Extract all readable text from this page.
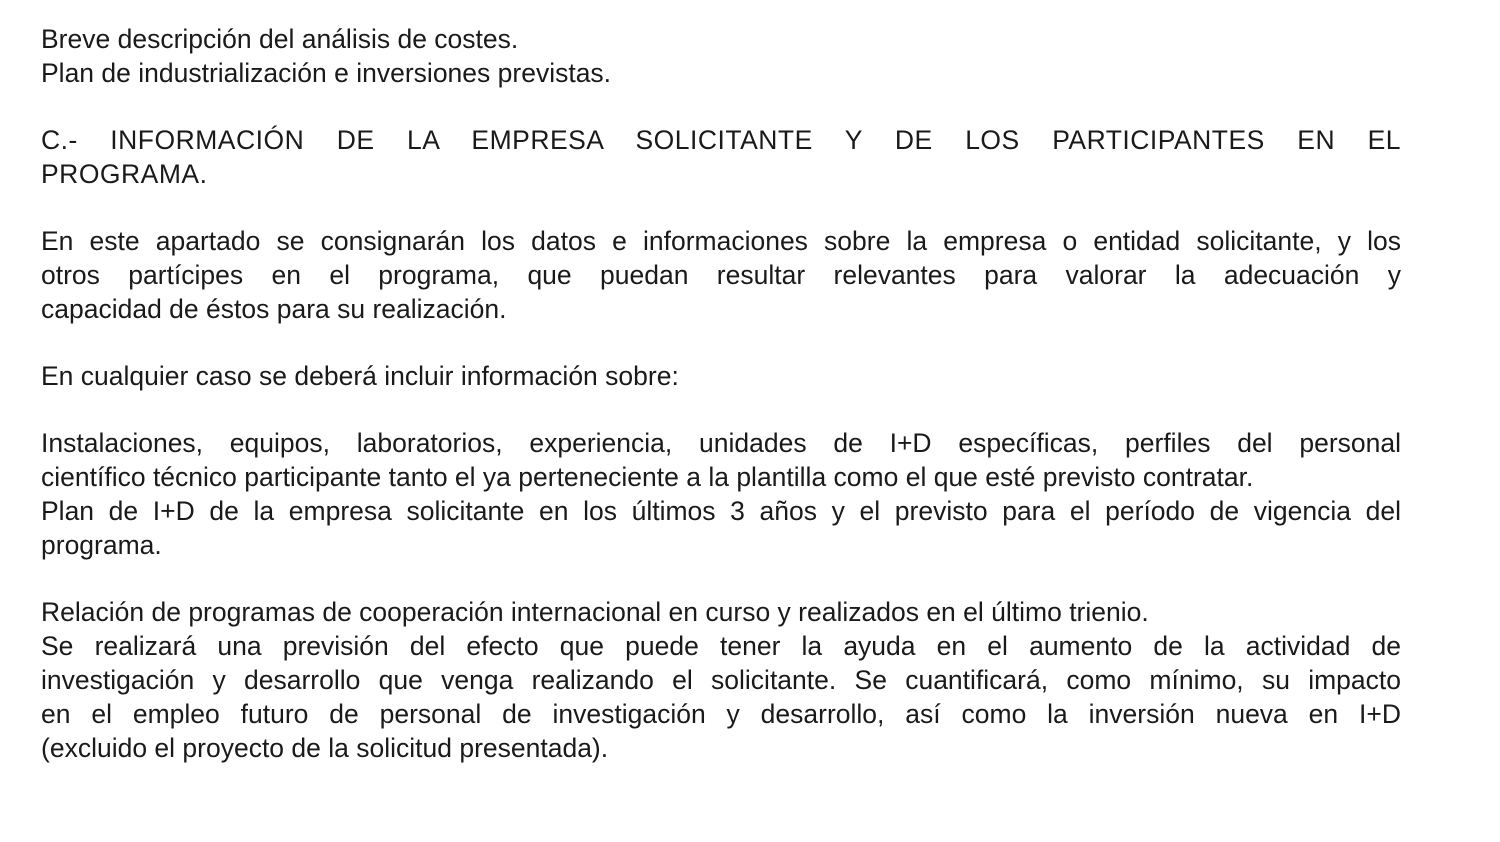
Breve descripción del análisis de costes.

Plan de industrialización e inversiones previstas.

C.- INFORMACIÓN DE LA EMPRESA SOLICITANTE Y DE LOS PARTICIPANTES EN EL

PROGRAMA.

En este apartado se consignarán los datos e informaciones sobre la empresa o entidad solicitante, y los

otros partícipes en el programa, que puedan resultar relevantes para valorar la adecuación y

capacidad de éstos para su realización.

En cualquier caso se deberá incluir información sobre:

Instalaciones, equipos, laboratorios, experiencia, unidades de I+D específicas, perfiles del personal

científico técnico participante tanto el ya perteneciente a la plantilla como el que esté previsto contratar.

Plan de I+D de la empresa solicitante en los últimos 3 años y el previsto para el período de vigencia del

programa.

Relación de programas de cooperación internacional en curso y realizados en el último trienio.

Se realizará una previsión del efecto que puede tener la ayuda en el aumento de la actividad de

investigación y desarrollo que venga realizando el solicitante. Se cuantificará, como mínimo, su impacto

en el empleo futuro de personal de investigación y desarrollo, así como la inversión nueva en I+D

(excluido el proyecto de la solicitud presentada).
